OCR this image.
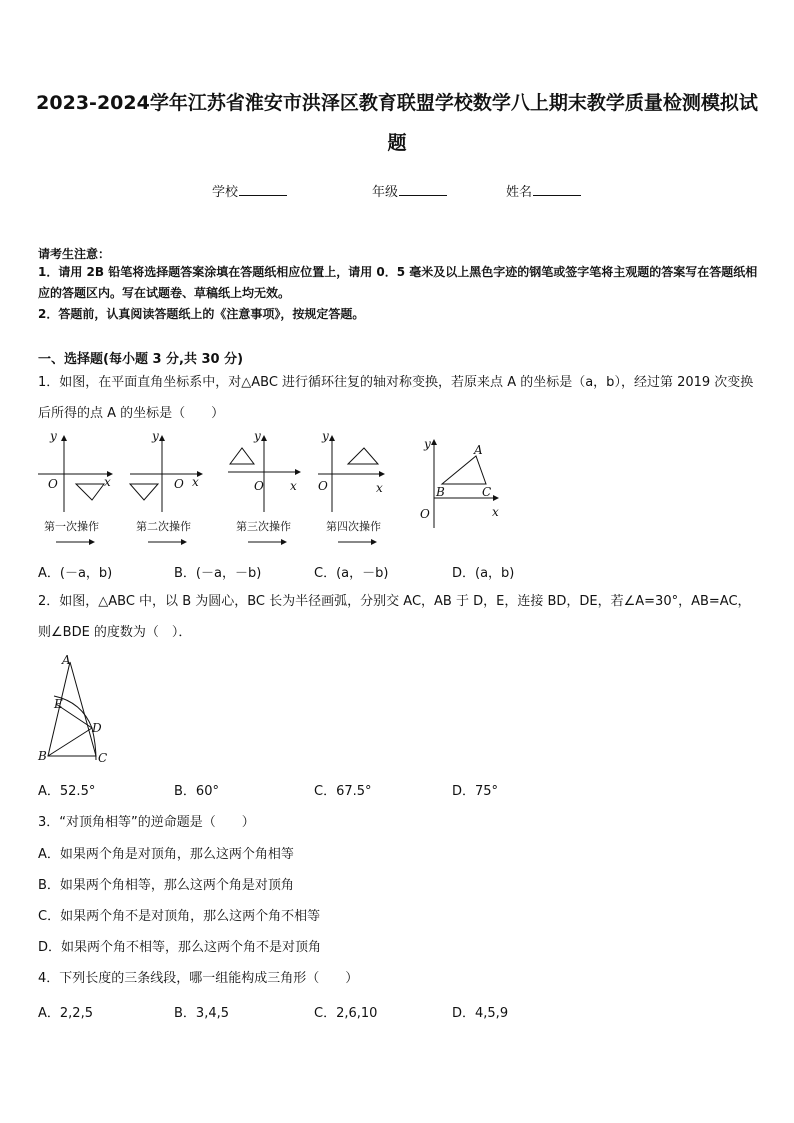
2023-2024学年江苏省淮安市洪泽区教育联盟学校数学八上期末教学质量检测模拟试
题
学校	年级	姓名
请考生注意：
1．请用 2B 铅笔将选择题答案涂填在答题纸相应位置上，请用 0．5 毫米及以上黑色字迹的钢笔或签字笔将主观题的答案写在答题纸相应的答题区内。写在试题卷、草稿纸上均无效。
2．答题前，认真阅读答题纸上的《注意事项》，按规定答题。
一、选择题(每小题 3 分,共 30 分)
1．如图，在平面直角坐标系中，对△ABC 进行循环往复的轴对称变换，若原来点 A 的坐标是（a，b），经过第 2019 次变换后所得的点 A 的坐标是（　　）
y
x
O
y
x
O
y
x
O
y
x
O
y
x
O
A
B	C
第一次操作	第二次操作	第三次操作	第四次操作
A．(－a，b)	B．(－a，－b)	C．(a，－b)	D．(a，b)
2．如图，△ABC 中，以 B 为圆心，BC 长为半径画弧，分别交 AC，AB 于 D，E，连接 BD，DE，若∠A=30°，AB=AC，则∠BDE 的度数为（　）．
A
E
D
B	C
A．52.5°	B．60°	C．67.5°	D．75°
3．“对顶角相等”的逆命题是（　　）
A．如果两个角是对顶角，那么这两个角相等
B．如果两个角相等，那么这两个角是对顶角
C．如果两个角不是对顶角，那么这两个角不相等
D．如果两个角不相等，那么这两个角不是对顶角
4．下列长度的三条线段，哪一组能构成三角形（　　）
A．2,2,5	B．3,4,5	C．2,6,10	D．4,5,9
